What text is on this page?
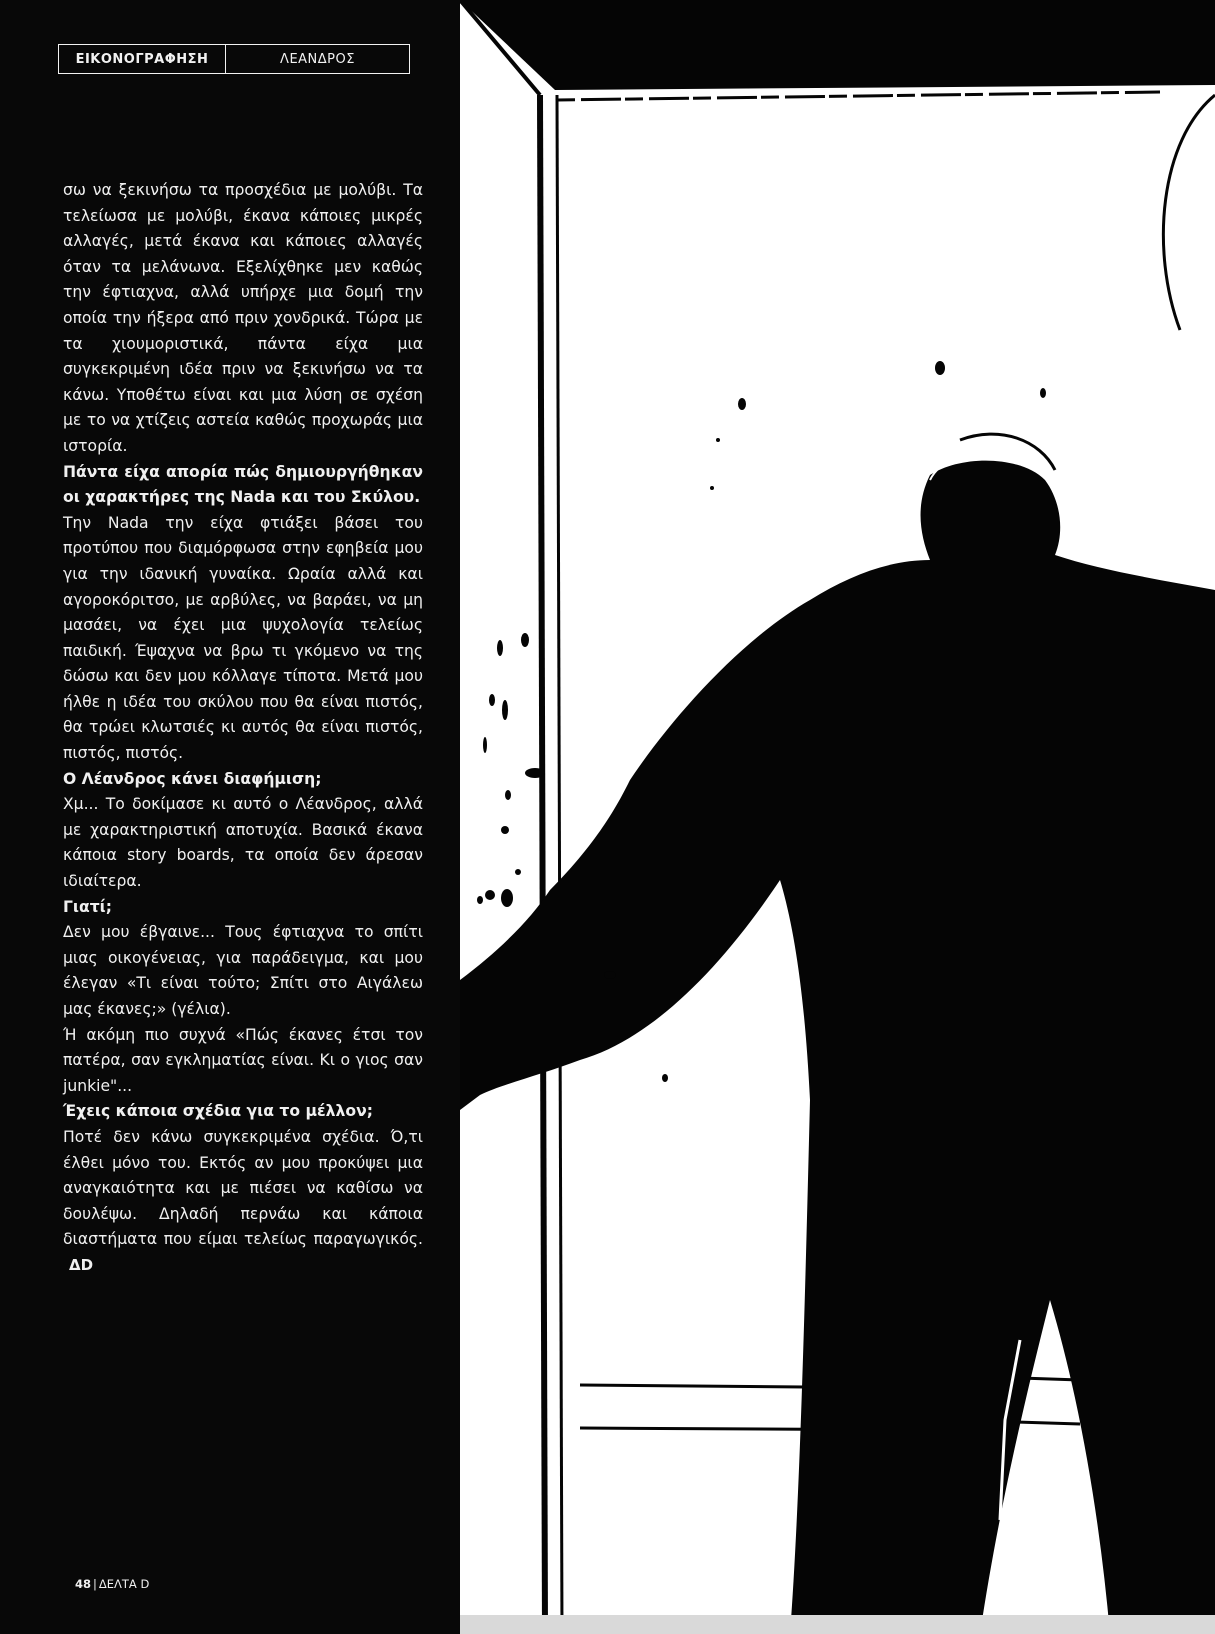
ΕΙΚΟΝΟΓΡΑΦΗΣΗ	ΛΕΑΝΔΡΟΣ

σω να ξεκινήσω τα προσχέδια με μολύβι. Τα τελείωσα με μολύβι, έκανα κάποιες μικρές αλλαγές, μετά έκανα και κάποιες αλλαγές όταν τα μελάνωνα. Εξελίχθηκε μεν καθώς την έφτιαχνα, αλλά υπήρχε μια δομή την οποία την ήξερα από πριν χονδρικά. Τώρα με τα χιουμοριστικά, πάντα είχα μια συγκεκριμένη ιδέα πριν να ξεκινήσω να τα κάνω. Υποθέτω είναι και μια λύση σε σχέση με το να χτίζεις αστεία καθώς προχωράς μια ιστορία.

Πάντα είχα απορία πώς δημιουργήθηκαν οι χαρακτήρες της Nada και του Σκύλου.

Την Nada την είχα φτιάξει βάσει του προτύπου που διαμόρφωσα στην εφηβεία μου για την ιδανική γυναίκα. Ωραία αλλά και αγοροκόριτσο, με αρβύλες, να βαράει, να μη μασάει, να έχει μια ψυχολογία τελείως παιδική. Έψαχνα να βρω τι γκόμενο να της δώσω και δεν μου κόλλαγε τίποτα. Μετά μου ήλθε η ιδέα του σκύλου που θα είναι πιστός, θα τρώει κλωτσιές κι αυτός θα είναι πιστός, πιστός, πιστός.

Ο Λέανδρος κάνει διαφήμιση;

Χμ... Το δοκίμασε κι αυτό ο Λέανδρος, αλλά με χαρακτηριστική αποτυχία. Βασικά έκανα κάποια story boards, τα οποία δεν άρεσαν ιδιαίτερα.

Γιατί;

Δεν μου έβγαινε... Τους έφτιαχνα το σπίτι μιας οικογένειας, για παράδειγμα, και μου έλεγαν «Τι είναι τούτο; Σπίτι στο Αιγάλεω μας έκανες;» (γέλια).

Ή ακόμη πιο συχνά «Πώς έκανες έτσι τον πατέρα, σαν εγκληματίας είναι. Κι ο γιος σαν junkie"...

Έχεις κάποια σχέδια για το μέλλον;

Ποτέ δεν κάνω συγκεκριμένα σχέδια. Ό,τι έλθει μόνο του. Εκτός αν μου προκύψει μια αναγκαιότητα και με πιέσει να καθίσω να δουλέψω. Δηλαδή περνάω και κάποια διαστήματα που είμαι τελείως παραγωγικός.ΔD

48 | ΔΕΛΤΑ D
